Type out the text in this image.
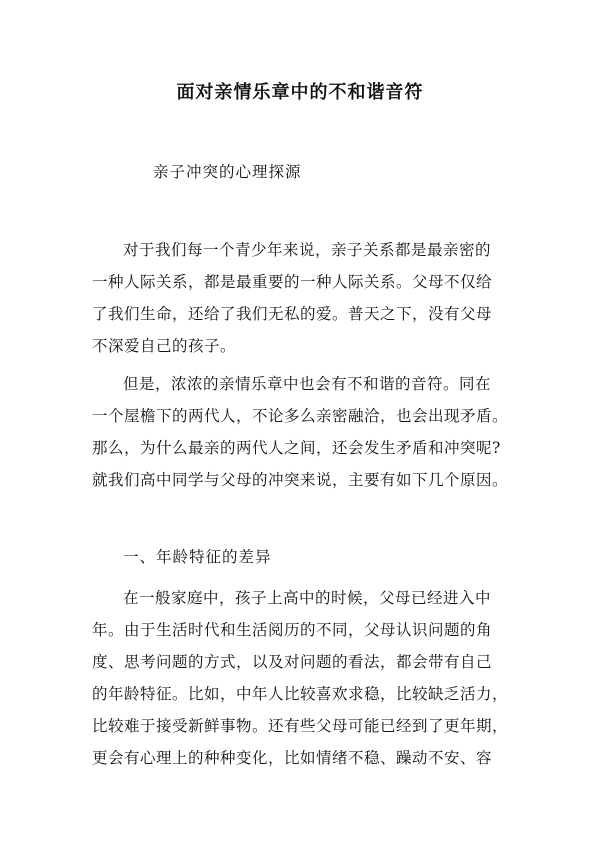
面对亲情乐章中的不和谐音符
亲子冲突的心理探源
对于我们每一个青少年来说，亲子关系都是最亲密的
一种人际关系，都是最重要的一种人际关系。父母不仅给
了我们生命，还给了我们无私的爱。普天之下，没有父母
不深爱自己的孩子。
但是，浓浓的亲情乐章中也会有不和谐的音符。同在
一个屋檐下的两代人，不论多么亲密融洽，也会出现矛盾。
那么，为什么最亲的两代人之间，还会发生矛盾和冲突呢?
就我们高中同学与父母的冲突来说，主要有如下几个原因。
一、年龄特征的差异
在一般家庭中，孩子上高中的时候，父母已经进入中
年。由于生活时代和生活阅历的不同，父母认识问题的角
度、思考问题的方式，以及对问题的看法，都会带有自己
的年龄特征。比如，中年人比较喜欢求稳，比较缺乏活力，
比较难于接受新鲜事物。还有些父母可能已经到了更年期，
更会有心理上的种种变化，比如情绪不稳、躁动不安、容
